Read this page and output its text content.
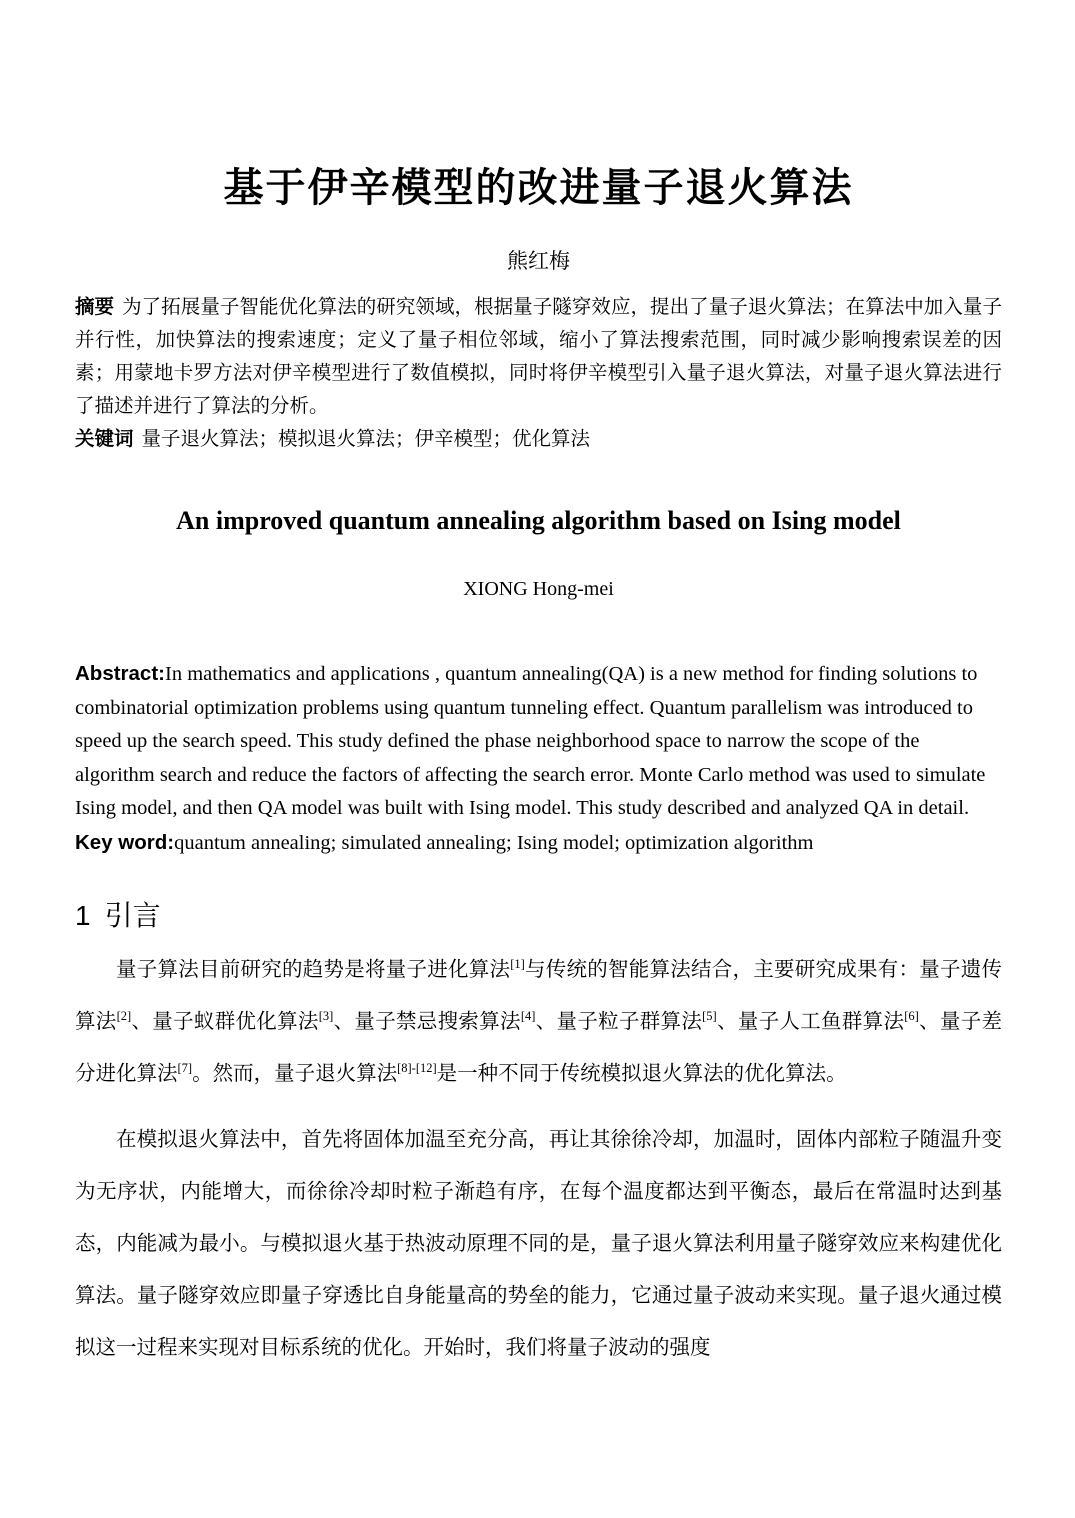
基于伊辛模型的改进量子退火算法
熊红梅

摘要 为了拓展量子智能优化算法的研究领域，根据量子隧穿效应，提出了量子退火算法；在算法中加入量子并行性，加快算法的搜索速度；定义了量子相位邻域，缩小了算法搜索范围，同时减少影响搜索误差的因素；用蒙地卡罗方法对伊辛模型进行了数值模拟，同时将伊辛模型引入量子退火算法，对量子退火算法进行了描述并进行了算法的分析。

关键词 量子退火算法；模拟退火算法；伊辛模型；优化算法

An improved quantum annealing algorithm based on Ising model
XIONG Hong-mei

Abstract:In mathematics and applications , quantum annealing(QA) is a new method for finding solutions to combinatorial optimization problems using quantum tunneling effect. Quantum parallelism was introduced to speed up the search speed. This study defined the phase neighborhood space to narrow the scope of the algorithm search and reduce the factors of affecting the search error. Monte Carlo method was used to simulate Ising model, and then QA model was built with Ising model. This study described and analyzed QA in detail.

Key word:quantum annealing; simulated annealing; Ising model; optimization algorithm

1 引言

量子算法目前研究的趋势是将量子进化算法[1]与传统的智能算法结合，主要研究成果有：量子遗传算法[2]、量子蚁群优化算法[3]、量子禁忌搜索算法[4]、量子粒子群算法[5]、量子人工鱼群算法[6]、量子差分进化算法[7]。然而，量子退火算法[8]-[12]是一种不同于传统模拟退火算法的优化算法。

在模拟退火算法中，首先将固体加温至充分高，再让其徐徐冷却，加温时，固体内部粒子随温升变为无序状，内能增大，而徐徐冷却时粒子渐趋有序，在每个温度都达到平衡态，最后在常温时达到基态，内能减为最小。与模拟退火基于热波动原理不同的是，量子退火算法利用量子隧穿效应来构建优化算法。量子隧穿效应即量子穿透比自身能量高的势垒的能力，它通过量子波动来实现。量子退火通过模拟这一过程来实现对目标系统的优化。开始时，我们将量子波动的强度
